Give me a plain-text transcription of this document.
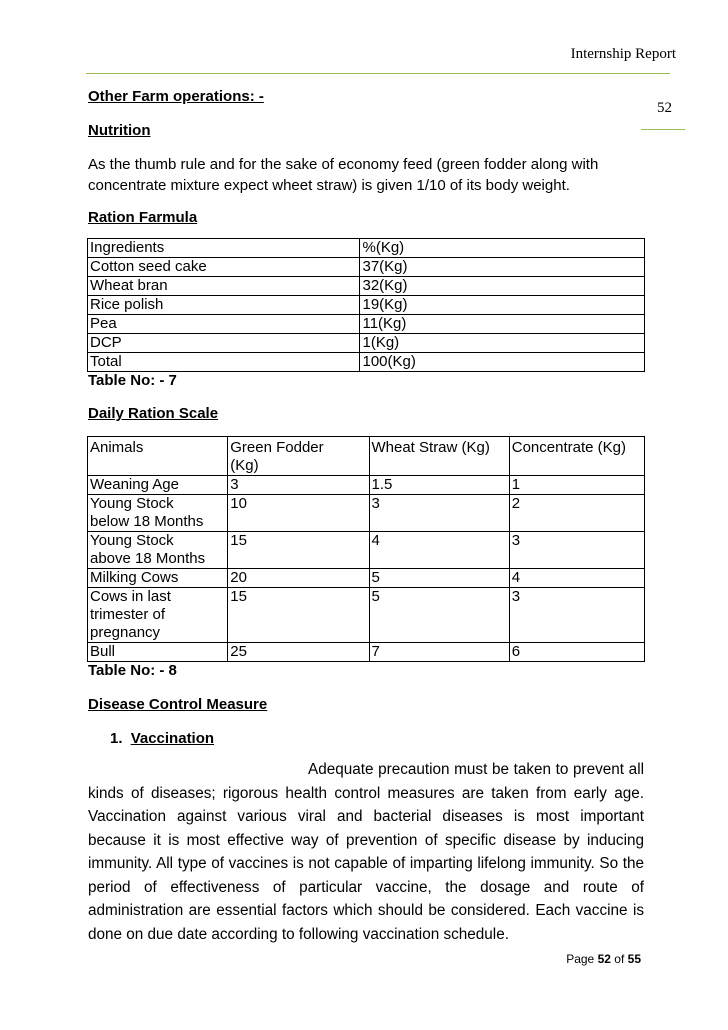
Internship Report
52

Other Farm operations: -

Nutrition

As the thumb rule and for the sake of economy feed (green fodder along with concentrate mixture expect wheet straw) is given 1/10 of its body weight.

Ration Farmula

Ingredients	%(Kg)
Cotton seed cake	37(Kg)
Wheat bran	32(Kg)
Rice polish	19(Kg)
Pea	11(Kg)
DCP	1(Kg)
Total	100(Kg)

Table No: - 7

Daily Ration Scale

Animals	Green Fodder (Kg)	Wheat Straw (Kg)	Concentrate (Kg)
Weaning Age	3	1.5	1
Young Stock below 18 Months	10	3	2
Young Stock above 18 Months	15	4	3
Milking Cows	20	5	4
Cows in last trimester of pregnancy	15	5	3
Bull	25	7	6

Table No: - 8

Disease Control Measure

1. Vaccination

Adequate precaution must be taken to prevent all kinds of diseases; rigorous health control measures are taken from early age. Vaccination against various viral and bacterial diseases is most important because it is most effective way of prevention of specific disease by inducing immunity. All type of vaccines is not capable of imparting lifelong immunity. So the period of effectiveness of particular vaccine, the dosage and route of administration are essential factors which should be considered. Each vaccine is done on due date according to following vaccination schedule.

Page 52 of 55
